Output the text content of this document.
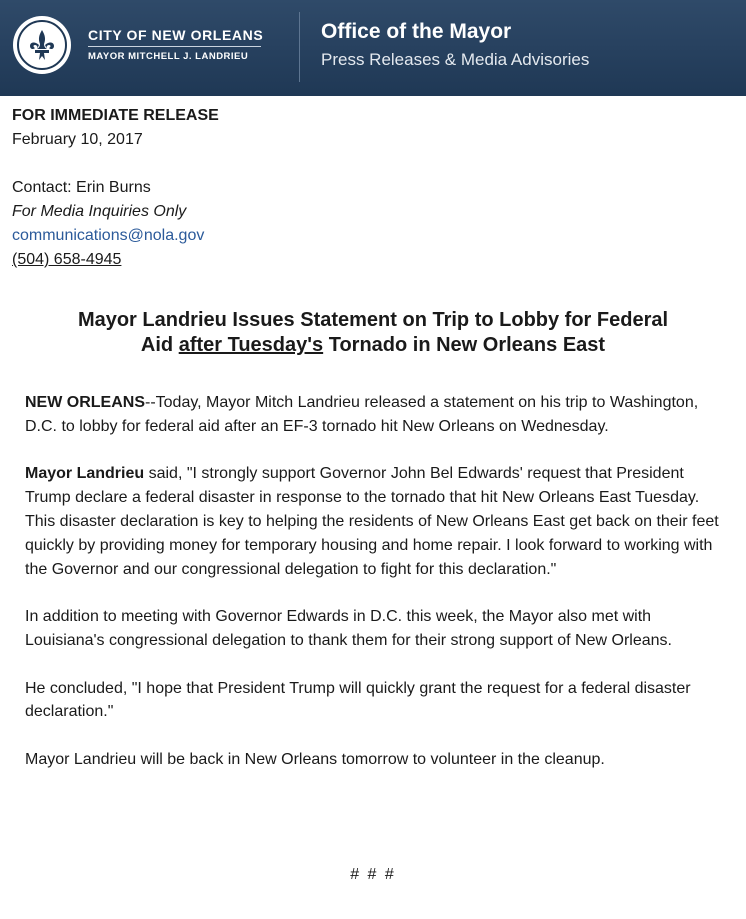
CITY OF NEW ORLEANS
MAYOR MITCHELL J. LANDRIEU
Office of the Mayor
Press Releases & Media Advisories
FOR IMMEDIATE RELEASE
February 10, 2017
Contact: Erin Burns
For Media Inquiries Only
communications@nola.gov
(504) 658-4945
Mayor Landrieu Issues Statement on Trip to Lobby for Federal
Aid after Tuesday's Tornado in New Orleans East

NEW ORLEANS--Today, Mayor Mitch Landrieu released a statement on his trip to Washington, D.C. to lobby for federal aid after an EF-3 tornado hit New Orleans on Wednesday.

Mayor Landrieu said, "I strongly support Governor John Bel Edwards' request that President Trump declare a federal disaster in response to the tornado that hit New Orleans East Tuesday. This disaster declaration is key to helping the residents of New Orleans East get back on their feet quickly by providing money for temporary housing and home repair. I look forward to working with the Governor and our congressional delegation to fight for this declaration."

In addition to meeting with Governor Edwards in D.C. this week, the Mayor also met with Louisiana's congressional delegation to thank them for their strong support of New Orleans.

He concluded, "I hope that President Trump will quickly grant the request for a federal disaster declaration."

Mayor Landrieu will be back in New Orleans tomorrow to volunteer in the cleanup.

# # #
